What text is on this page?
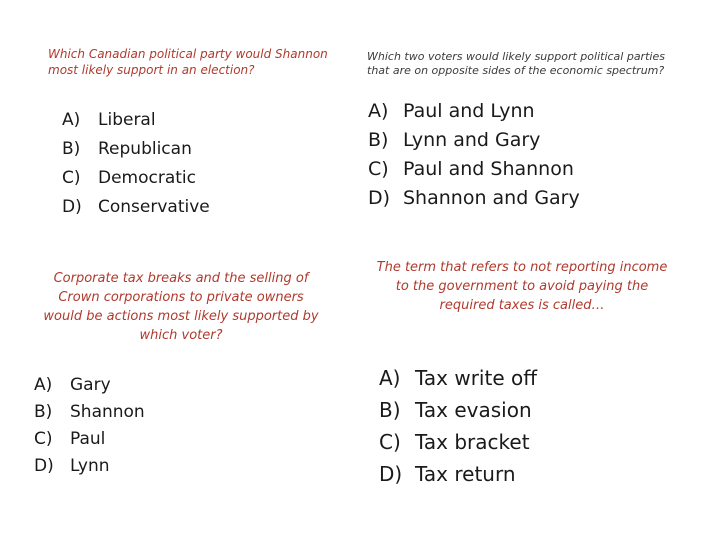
Which Canadian political party would Shannon most likely support in an election?
A)	Liberal
B)	Republican
C)	Democratic
D) Conservative
Which two voters would likely support political parties that are on opposite sides of the economic spectrum?
A) Paul and Lynn
B) Lynn and Gary
C) Paul and Shannon
D) Shannon and Gary
Corporate tax breaks and the selling of Crown corporations to private owners would be actions most likely supported by which voter?
A)	Gary
B)	Shannon
C)	Paul
D) Lynn
The term that refers to not reporting income to the government to avoid paying the required taxes is called…
A) Tax write off
B) Tax evasion
C) Tax bracket
D) Tax return
